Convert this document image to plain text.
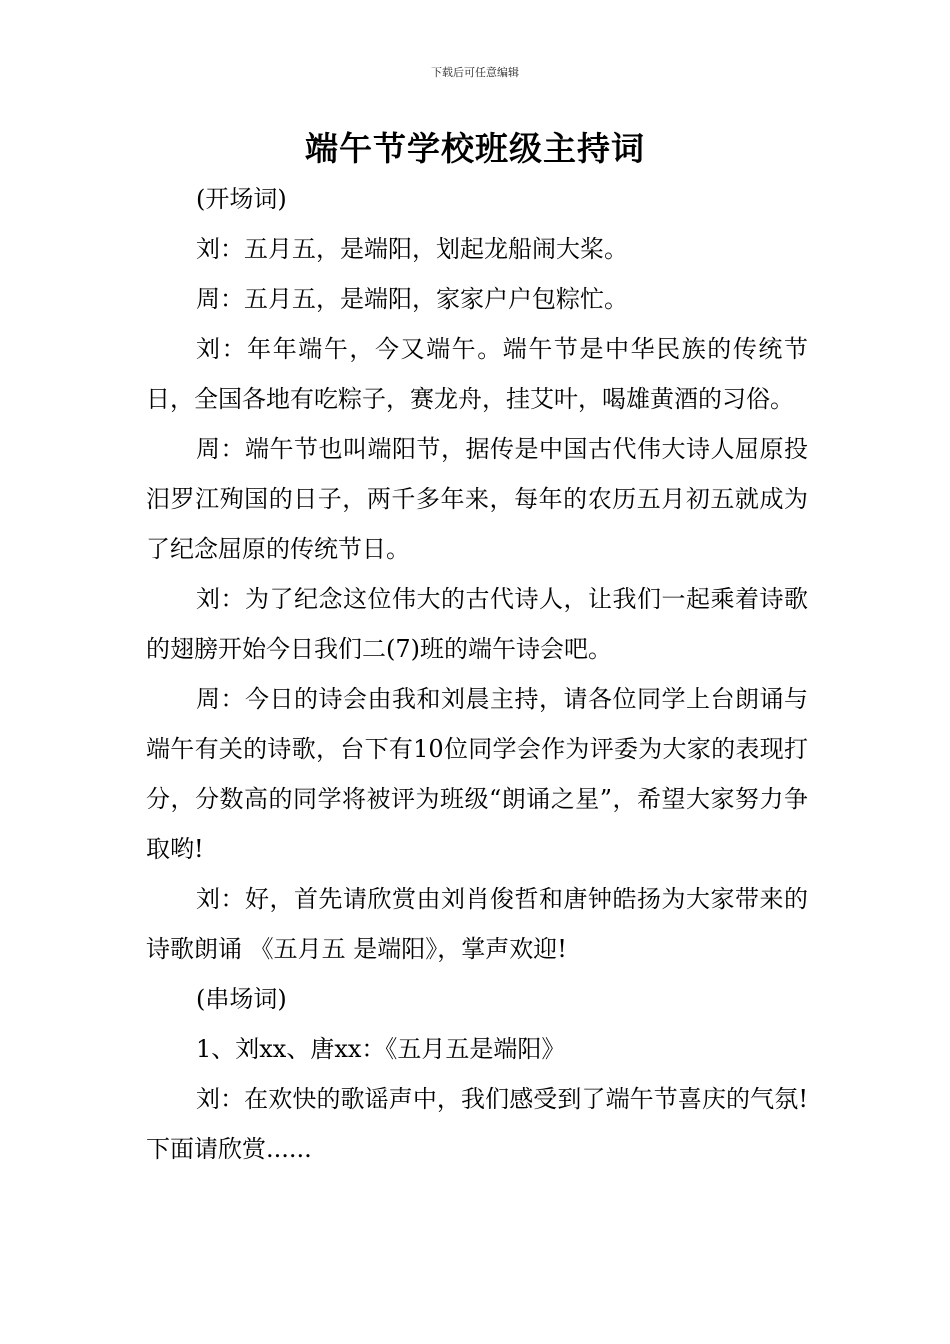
下载后可任意编辑
端午节学校班级主持词

(开场词)

刘：五月五，是端阳，划起龙船闹大桨。

周：五月五，是端阳，家家户户包粽忙。

刘：年年端午，今又端午。端午节是中华民族的传统节日，全国各地有吃粽子，赛龙舟，挂艾叶，喝雄黄酒的习俗。

周：端午节也叫端阳节，据传是中国古代伟大诗人屈原投汨罗江殉国的日子，两千多年来，每年的农历五月初五就成为了纪念屈原的传统节日。

刘：为了纪念这位伟大的古代诗人，让我们一起乘着诗歌的翅膀开始今日我们二(7)班的端午诗会吧。

周：今日的诗会由我和刘晨主持，请各位同学上台朗诵与端午有关的诗歌，台下有10位同学会作为评委为大家的表现打分，分数高的同学将被评为班级“朗诵之星”，希望大家努力争取哟!

刘：好，首先请欣赏由刘肖俊哲和唐钟皓扬为大家带来的诗歌朗诵 《五月五 是端阳》，掌声欢迎!

(串场词)

1、刘xx、唐xx：《五月五是端阳》

刘：在欢快的歌谣声中，我们感受到了端午节喜庆的气氛!下面请欣赏......
